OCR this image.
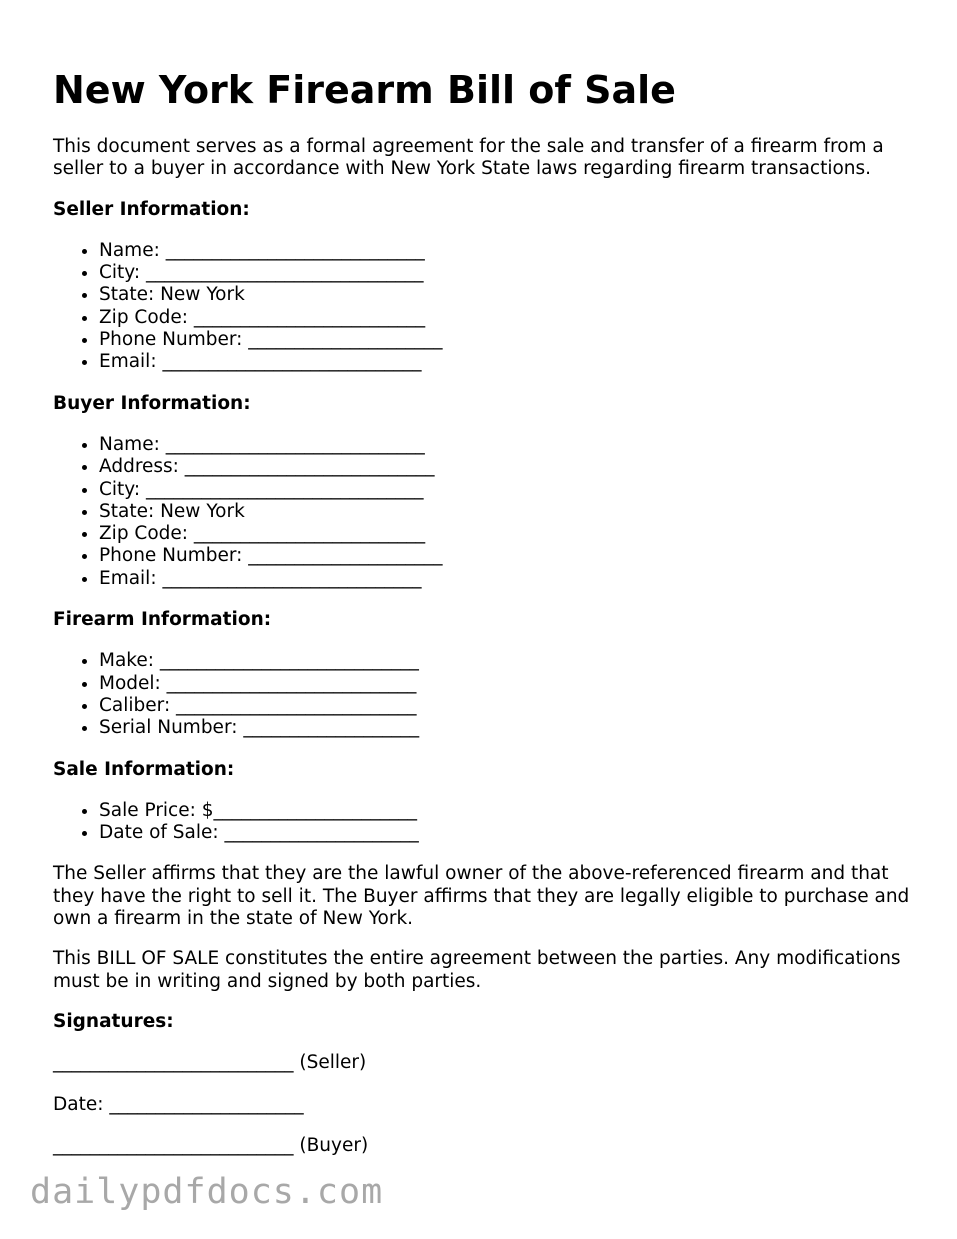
New York Firearm Bill of Sale

This document serves as a formal agreement for the sale and transfer of a firearm from a seller to a buyer in accordance with New York State laws regarding firearm transactions.

Seller Information:
• Name: ____________________________
• City: ______________________________
• State: New York
• Zip Code: _________________________
• Phone Number: _____________________
• Email: ____________________________
Buyer Information:
• Name: ____________________________
• Address: ___________________________
• City: ______________________________
• State: New York
• Zip Code: _________________________
• Phone Number: _____________________
• Email: ____________________________
Firearm Information:
• Make: ____________________________
• Model: ___________________________
• Caliber: __________________________
• Serial Number: ___________________
Sale Information:
• Sale Price: $______________________
• Date of Sale: _____________________

The Seller affirms that they are the lawful owner of the above-referenced firearm and that they have the right to sell it. The Buyer affirms that they are legally eligible to purchase and own a firearm in the state of New York.

This BILL OF SALE constitutes the entire agreement between the parties. Any modifications must be in writing and signed by both parties.

Signatures:
__________________________ (Seller)
Date: _____________________
__________________________ (Buyer)
dailypdfdocs.com
